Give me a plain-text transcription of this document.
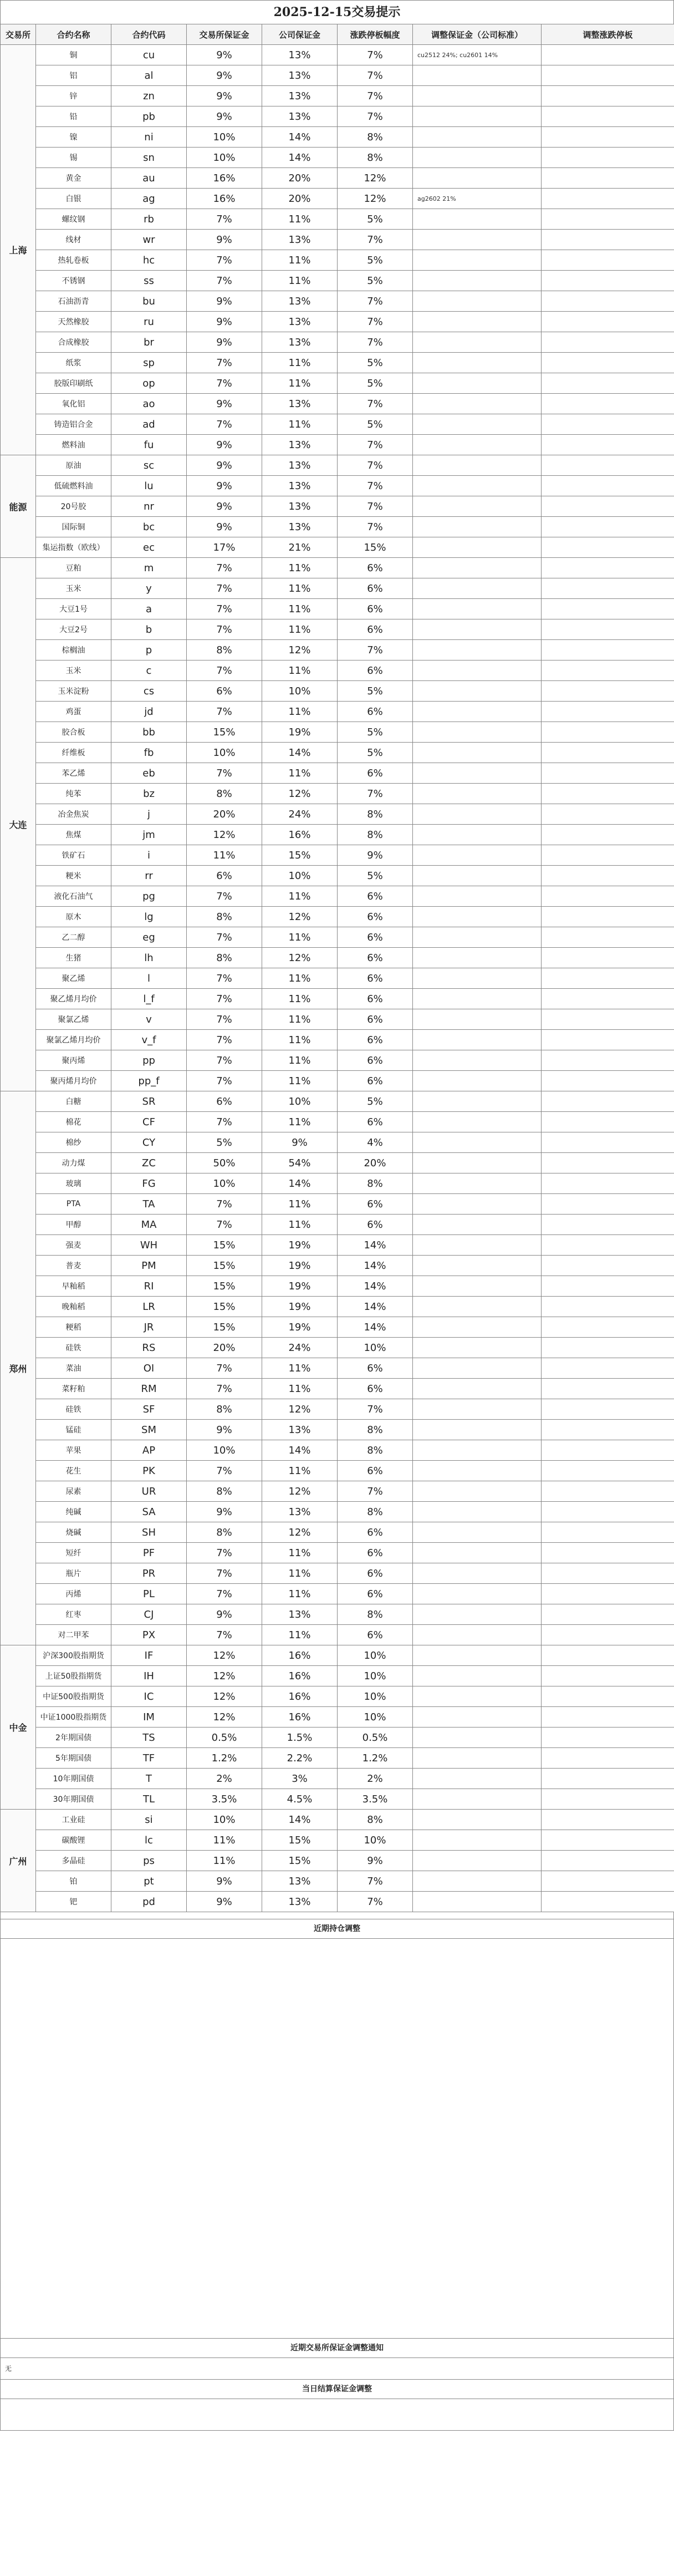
2025-12-15交易提示
交易所	合约名称	合约代码	交易所保证金	公司保证金	涨跌停板幅度	调整保证金（公司标准）	调整涨跌停板
上海	铜	cu	9%	13%	7%	cu2512 24%; cu2601 14%	
	铝	al	9%	13%	7%		
	锌	zn	9%	13%	7%		
	铅	pb	9%	13%	7%		
	镍	ni	10%	14%	8%		
	锡	sn	10%	14%	8%		
	黄金	au	16%	20%	12%		
	白银	ag	16%	20%	12%	ag2602 21%	
	螺纹钢	rb	7%	11%	5%		
	线材	wr	9%	13%	7%		
	热轧卷板	hc	7%	11%	5%		
	不锈钢	ss	7%	11%	5%		
	石油沥青	bu	9%	13%	7%		
	天然橡胶	ru	9%	13%	7%		
	合成橡胶	br	9%	13%	7%		
	纸浆	sp	7%	11%	5%		
	胶版印刷纸	op	7%	11%	5%		
	氧化铝	ao	9%	13%	7%		
	铸造铝合金	ad	7%	11%	5%		
	燃料油	fu	9%	13%	7%		
能源	原油	sc	9%	13%	7%		
	低硫燃料油	lu	9%	13%	7%		
	20号胶	nr	9%	13%	7%		
	国际铜	bc	9%	13%	7%		
	集运指数（欧线）	ec	17%	21%	15%		
大连	豆粕	m	7%	11%	6%		
	玉米	y	7%	11%	6%		
	大豆1号	a	7%	11%	6%		
	大豆2号	b	7%	11%	6%		
	棕榈油	p	8%	12%	7%		
	玉米	c	7%	11%	6%		
	玉米淀粉	cs	6%	10%	5%		
	鸡蛋	jd	7%	11%	6%		
	胶合板	bb	15%	19%	5%		
	纤维板	fb	10%	14%	5%		
	苯乙烯	eb	7%	11%	6%		
	纯苯	bz	8%	12%	7%		
	冶金焦炭	j	20%	24%	8%		
	焦煤	jm	12%	16%	8%		
	铁矿石	i	11%	15%	9%		
	粳米	rr	6%	10%	5%		
	液化石油气	pg	7%	11%	6%		
	原木	lg	8%	12%	6%		
	乙二醇	eg	7%	11%	6%		
	生猪	lh	8%	12%	6%		
	聚乙烯	l	7%	11%	6%		
	聚乙烯月均价	l_f	7%	11%	6%		
	聚氯乙烯	v	7%	11%	6%		
	聚氯乙烯月均价	v_f	7%	11%	6%		
	聚丙烯	pp	7%	11%	6%		
	聚丙烯月均价	pp_f	7%	11%	6%		
郑州	白糖	SR	6%	10%	5%		
	棉花	CF	7%	11%	6%		
	棉纱	CY	5%	9%	4%		
	动力煤	ZC	50%	54%	20%		
	玻璃	FG	10%	14%	8%		
	PTA	TA	7%	11%	6%		
	甲醇	MA	7%	11%	6%		
	强麦	WH	15%	19%	14%		
	普麦	PM	15%	19%	14%		
	早籼稻	RI	15%	19%	14%		
	晚籼稻	LR	15%	19%	14%		
	粳稻	JR	15%	19%	14%		
	硅铁	RS	20%	24%	10%		
	菜油	OI	7%	11%	6%		
	菜籽粕	RM	7%	11%	6%		
	硅铁	SF	8%	12%	7%		
	锰硅	SM	9%	13%	8%		
	苹果	AP	10%	14%	8%		
	花生	PK	7%	11%	6%		
	尿素	UR	8%	12%	7%		
	纯碱	SA	9%	13%	8%		
	烧碱	SH	8%	12%	6%		
	短纤	PF	7%	11%	6%		
	瓶片	PR	7%	11%	6%		
	丙烯	PL	7%	11%	6%		
	红枣	CJ	9%	13%	8%		
	对二甲苯	PX	7%	11%	6%		
中金	沪深300股指期货	IF	12%	16%	10%		
	上证50股指期货	IH	12%	16%	10%		
	中证500股指期货	IC	12%	16%	10%		
	中证1000股指期货	IM	12%	16%	10%		
	2年期国债	TS	0.5%	1.5%	0.5%		
	5年期国债	TF	1.2%	2.2%	1.2%		
	10年期国债	T	2%	3%	2%		
	30年期国债	TL	3.5%	4.5%	3.5%		
广州	工业硅	si	10%	14%	8%		
	碳酸锂	lc	11%	15%	10%		
	多晶硅	ps	11%	15%	9%		
	铂	pt	9%	13%	7%		
	钯	pd	9%	13%	7%		
近期持仓调整
近期交易所保证金调整通知
无
当日结算保证金调整
